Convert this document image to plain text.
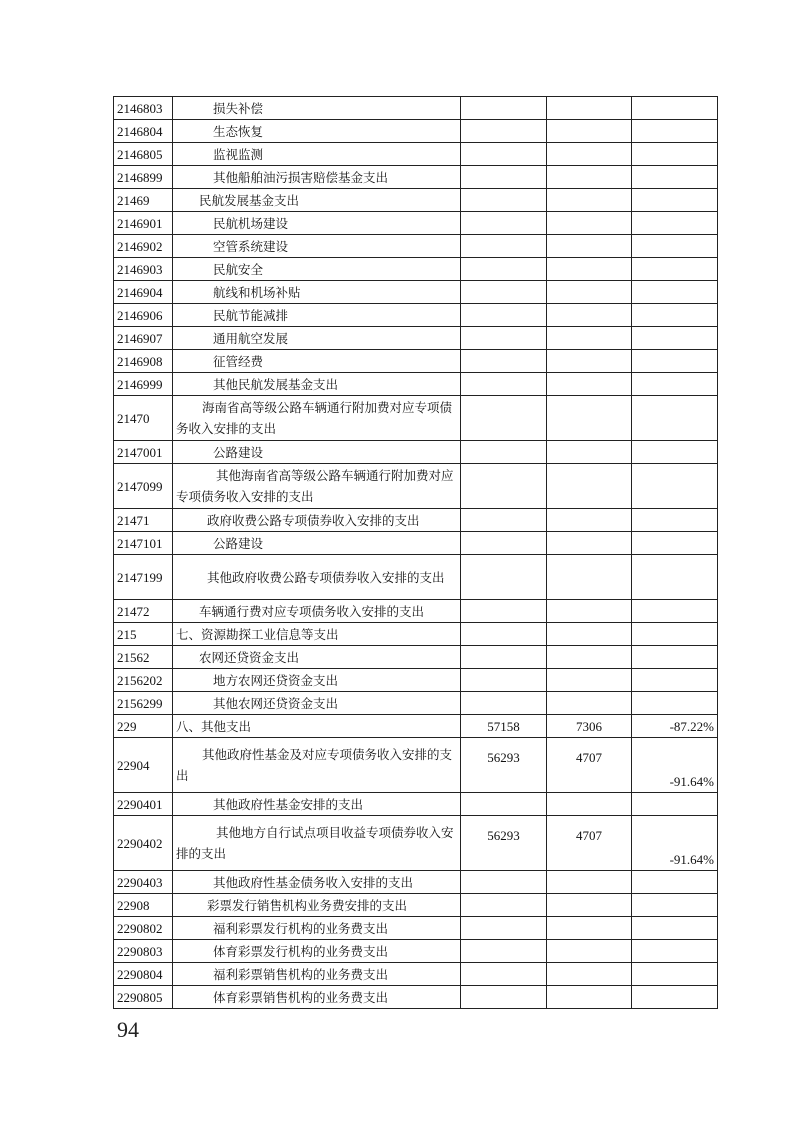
2146803	损失补偿			
2146804	生态恢复			
2146805	监视监测			
2146899	其他船舶油污损害赔偿基金支出			
21469	民航发展基金支出			
2146901	民航机场建设			
2146902	空管系统建设			
2146903	民航安全			
2146904	航线和机场补贴			
2146906	民航节能减排			
2146907	通用航空发展			
2146908	征管经费			
2146999	其他民航发展基金支出			
21470	海南省高等级公路车辆通行附加费对应专项债务收入安排的支出			
2147001	公路建设			
2147099	其他海南省高等级公路车辆通行附加费对应专项债务收入安排的支出			
21471	政府收费公路专项债券收入安排的支出			
2147101	公路建设			
2147199	其他政府收费公路专项债券收入安排的支出			
21472	车辆通行费对应专项债务收入安排的支出			
215	七、资源勘探工业信息等支出			
21562	农网还贷资金支出			
2156202	地方农网还贷资金支出			
2156299	其他农网还贷资金支出			
229	八、其他支出	57158	7306	-87.22%
22904	其他政府性基金及对应专项债务收入安排的支出	56293	4707	-91.64%
2290401	其他政府性基金安排的支出			
2290402	其他地方自行试点项目收益专项债券收入安排的支出	56293	4707	-91.64%
2290403	其他政府性基金债务收入安排的支出			
22908	彩票发行销售机构业务费安排的支出			
2290802	福利彩票发行机构的业务费支出			
2290803	体育彩票发行机构的业务费支出			
2290804	福利彩票销售机构的业务费支出			
2290805	体育彩票销售机构的业务费支出			
94
